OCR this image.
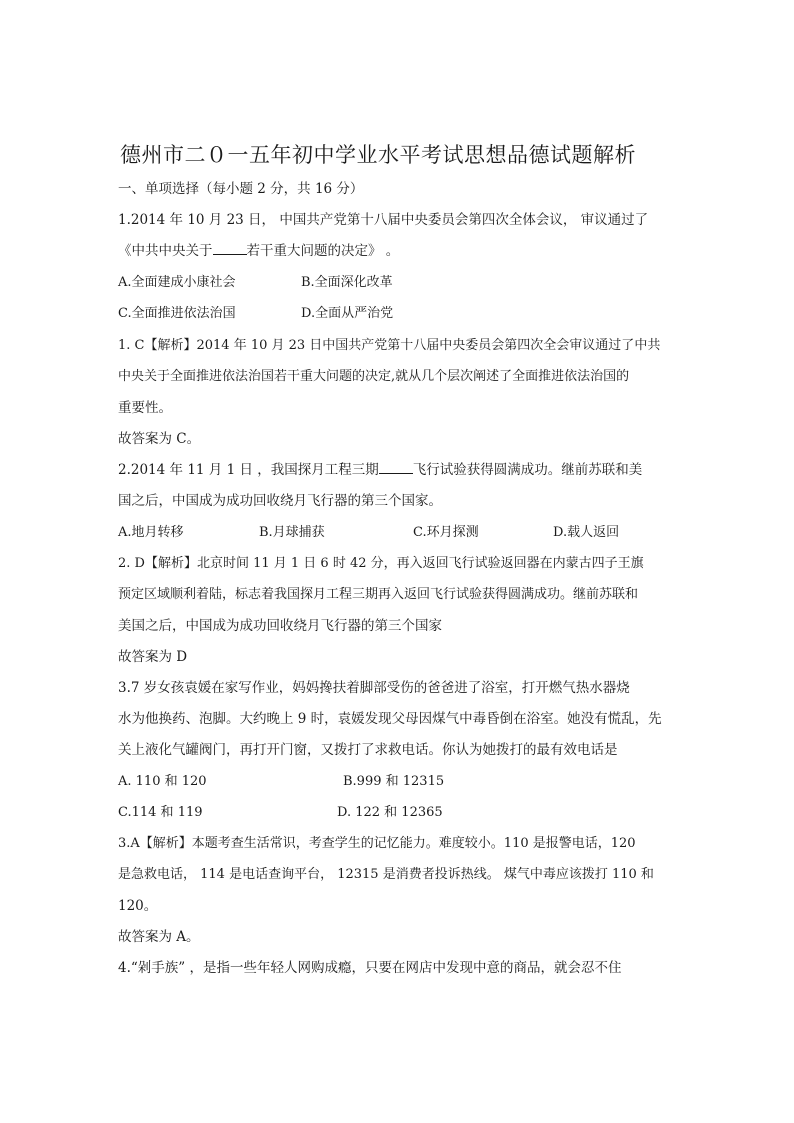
德州市二０一五年初中学业水平考试思想品德试题解析
一、单项选择（每小题 2 分，共 16 分）
1.2014 年 10 月 23 日， 中国共产党第十八届中央委员会第四次全体会议， 审议通过了
《中共中央关于	若干重大问题的决定》 。
A.全面建成小康社会	B.全面深化改革
C.全面推进依法治国	D.全面从严治党
1. C【解析】2014 年 10 月 23 日中国共产党第十八届中央委员会第四次全会审议通过了中共
中央关于全面推进依法治国若干重大问题的决定,就从几个层次阐述了全面推进依法治国的
重要性。
故答案为 C。
2.2014 年 11 月 1 日 ，我国探月工程三期	飞行试验获得圆满成功。继前苏联和美
国之后，中国成为成功回收绕月飞行器的第三个国家。
A.地月转移	B.月球捕获	C.环月探测	D.载人返回
2. D【解析】北京时间 11 月 1 日 6 时 42 分，再入返回飞行试验返回器在内蒙古四子王旗
预定区域顺利着陆，标志着我国探月工程三期再入返回飞行试验获得圆满成功。继前苏联和
美国之后，中国成为成功回收绕月飞行器的第三个国家
故答案为 D
3.7 岁女孩袁媛在家写作业，妈妈搀扶着脚部受伤的爸爸进了浴室，打开燃气热水器烧
水为他换药、泡脚。大约晚上 9 时，袁媛发现父母因煤气中毒昏倒在浴室。她没有慌乱，先
关上液化气罐阀门，再打开门窗，又拨打了求救电话。你认为她拨打的最有效电话是
A. 110 和 120	B.999 和 12315
C.114 和 119	D. 122 和 12365
3.A【解析】本题考查生活常识，考查学生的记忆能力。难度较小。110 是报警电话，120
是急救电话， 114 是电话查询平台， 12315 是消费者投诉热线。 煤气中毒应该拨打 110 和
120。
故答案为 A。
4.“剁手族” ，是指一些年轻人网购成瘾，只要在网店中发现中意的商品，就会忍不住
